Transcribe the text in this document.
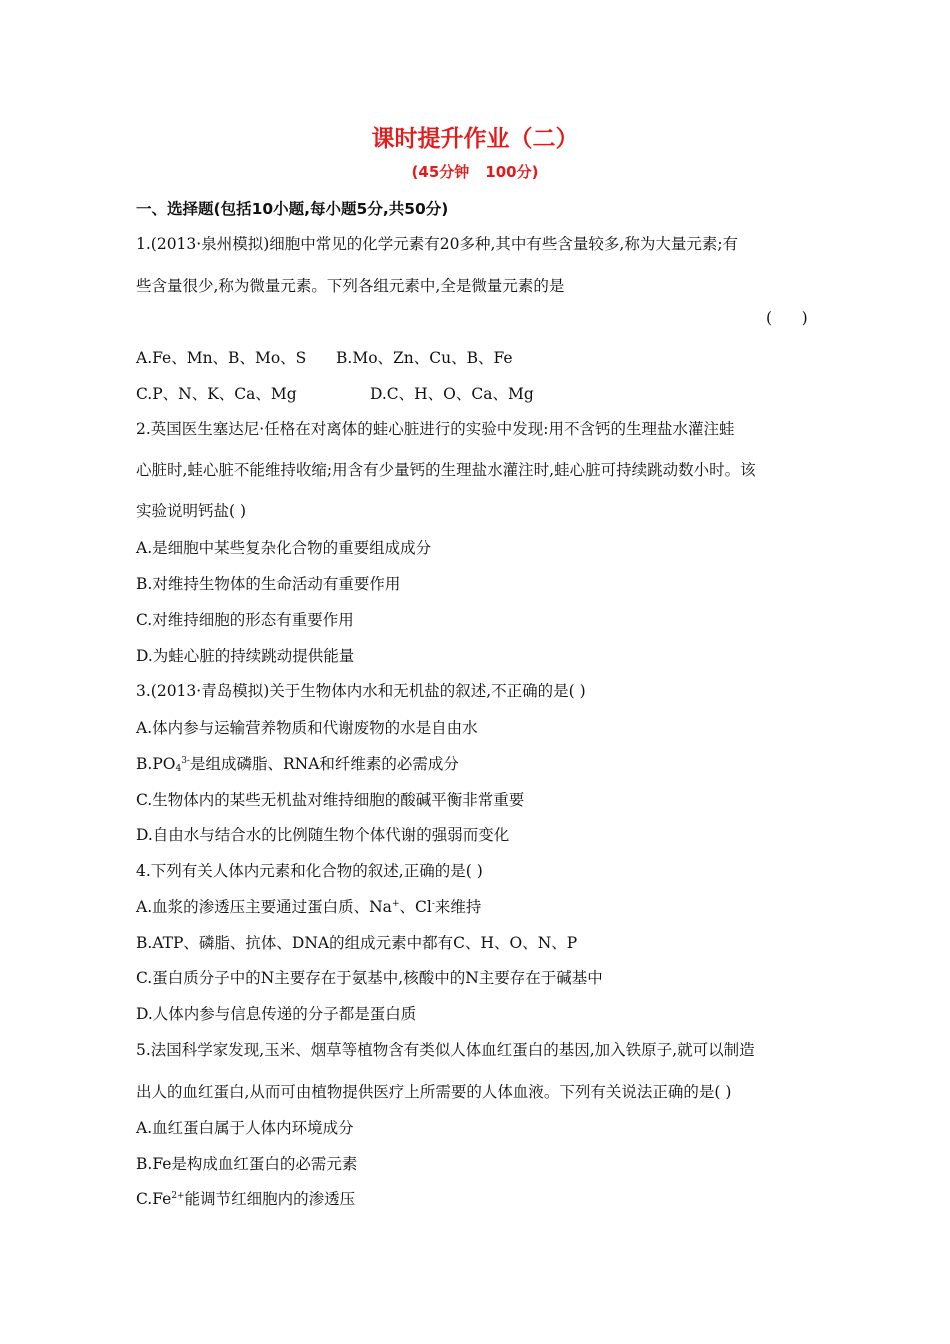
课时提升作业（二）
(45分钟 100分)
一、选择题(包括10小题,每小题5分,共50分)
1.(2013·泉州模拟)细胞中常见的化学元素有20多种,其中有些含量较多,称为大量元素;有
些含量很少,称为微量元素。下列各组元素中,全是微量元素的是
(      )
A.Fe、Mn、B、Mo、S B.Mo、Zn、Cu、B、Fe
C.P、N、K、Ca、Mg	D.C、H、O、Ca、Mg
2.英国医生塞达尼·任格在对离体的蛙心脏进行的实验中发现:用不含钙的生理盐水灌注蛙
心脏时,蛙心脏不能维持收缩;用含有少量钙的生理盐水灌注时,蛙心脏可持续跳动数小时。该
实验说明钙盐( )
A.是细胞中某些复杂化合物的重要组成成分
B.对维持生物体的生命活动有重要作用
C.对维持细胞的形态有重要作用
D.为蛙心脏的持续跳动提供能量
3.(2013·青岛模拟)关于生物体内水和无机盐的叙述,不正确的是( )
A.体内参与运输营养物质和代谢废物的水是自由水
$B.PO_4^{3-}$是组成磷脂、RNA和纤维素的必需成分
C.生物体内的某些无机盐对维持细胞的酸碱平衡非常重要
D.自由水与结合水的比例随生物个体代谢的强弱而变化
4.下列有关人体内元素和化合物的叙述,正确的是( )
A.血浆的渗透压主要通过蛋白质、Na+、Cl-来维持
B.ATP、磷脂、抗体、DNA的组成元素中都有C、H、O、N、P
C.蛋白质分子中的N主要存在于氨基中,核酸中的N主要存在于碱基中
D.人体内参与信息传递的分子都是蛋白质
5.法国科学家发现,玉米、烟草等植物含有类似人体血红蛋白的基因,加入铁原子,就可以制造
出人的血红蛋白,从而可由植物提供医疗上所需要的人体血液。下列有关说法正确的是( )
A.血红蛋白属于人体内环境成分
B.Fe是构成血红蛋白的必需元素
$C.Fe^{2+}$能调节红细胞内的渗透压
